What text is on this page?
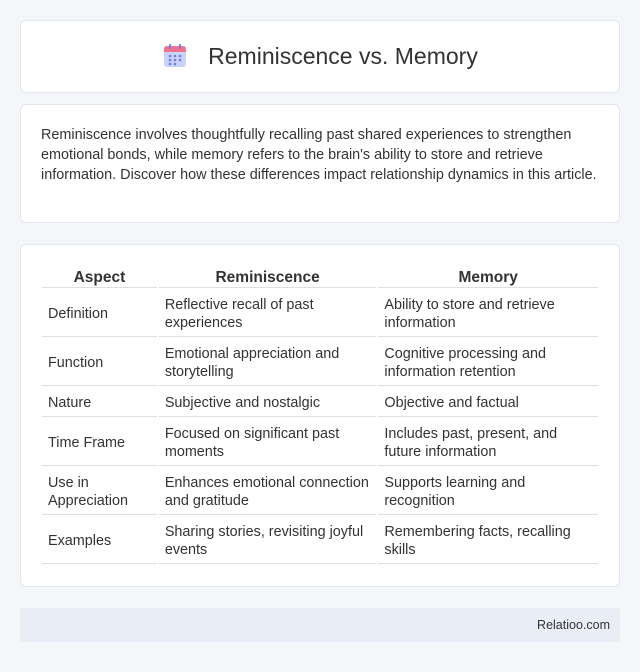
Reminiscence vs. Memory

Reminiscence involves thoughtfully recalling past shared experiences to strengthen emotional bonds, while memory refers to the brain's ability to store and retrieve information. Discover how these differences impact relationship dynamics in this article.

Aspect	Reminiscence	Memory
Definition	Reflective recall of past experiences	Ability to store and retrieve information
Function	Emotional appreciation and storytelling	Cognitive processing and information retention
Nature	Subjective and nostalgic	Objective and factual
Time Frame	Focused on significant past moments	Includes past, present, and future information
Use in Appreciation	Enhances emotional connection and gratitude	Supports learning and recognition
Examples	Sharing stories, revisiting joyful events	Remembering facts, recalling skills
Relatioo.com
